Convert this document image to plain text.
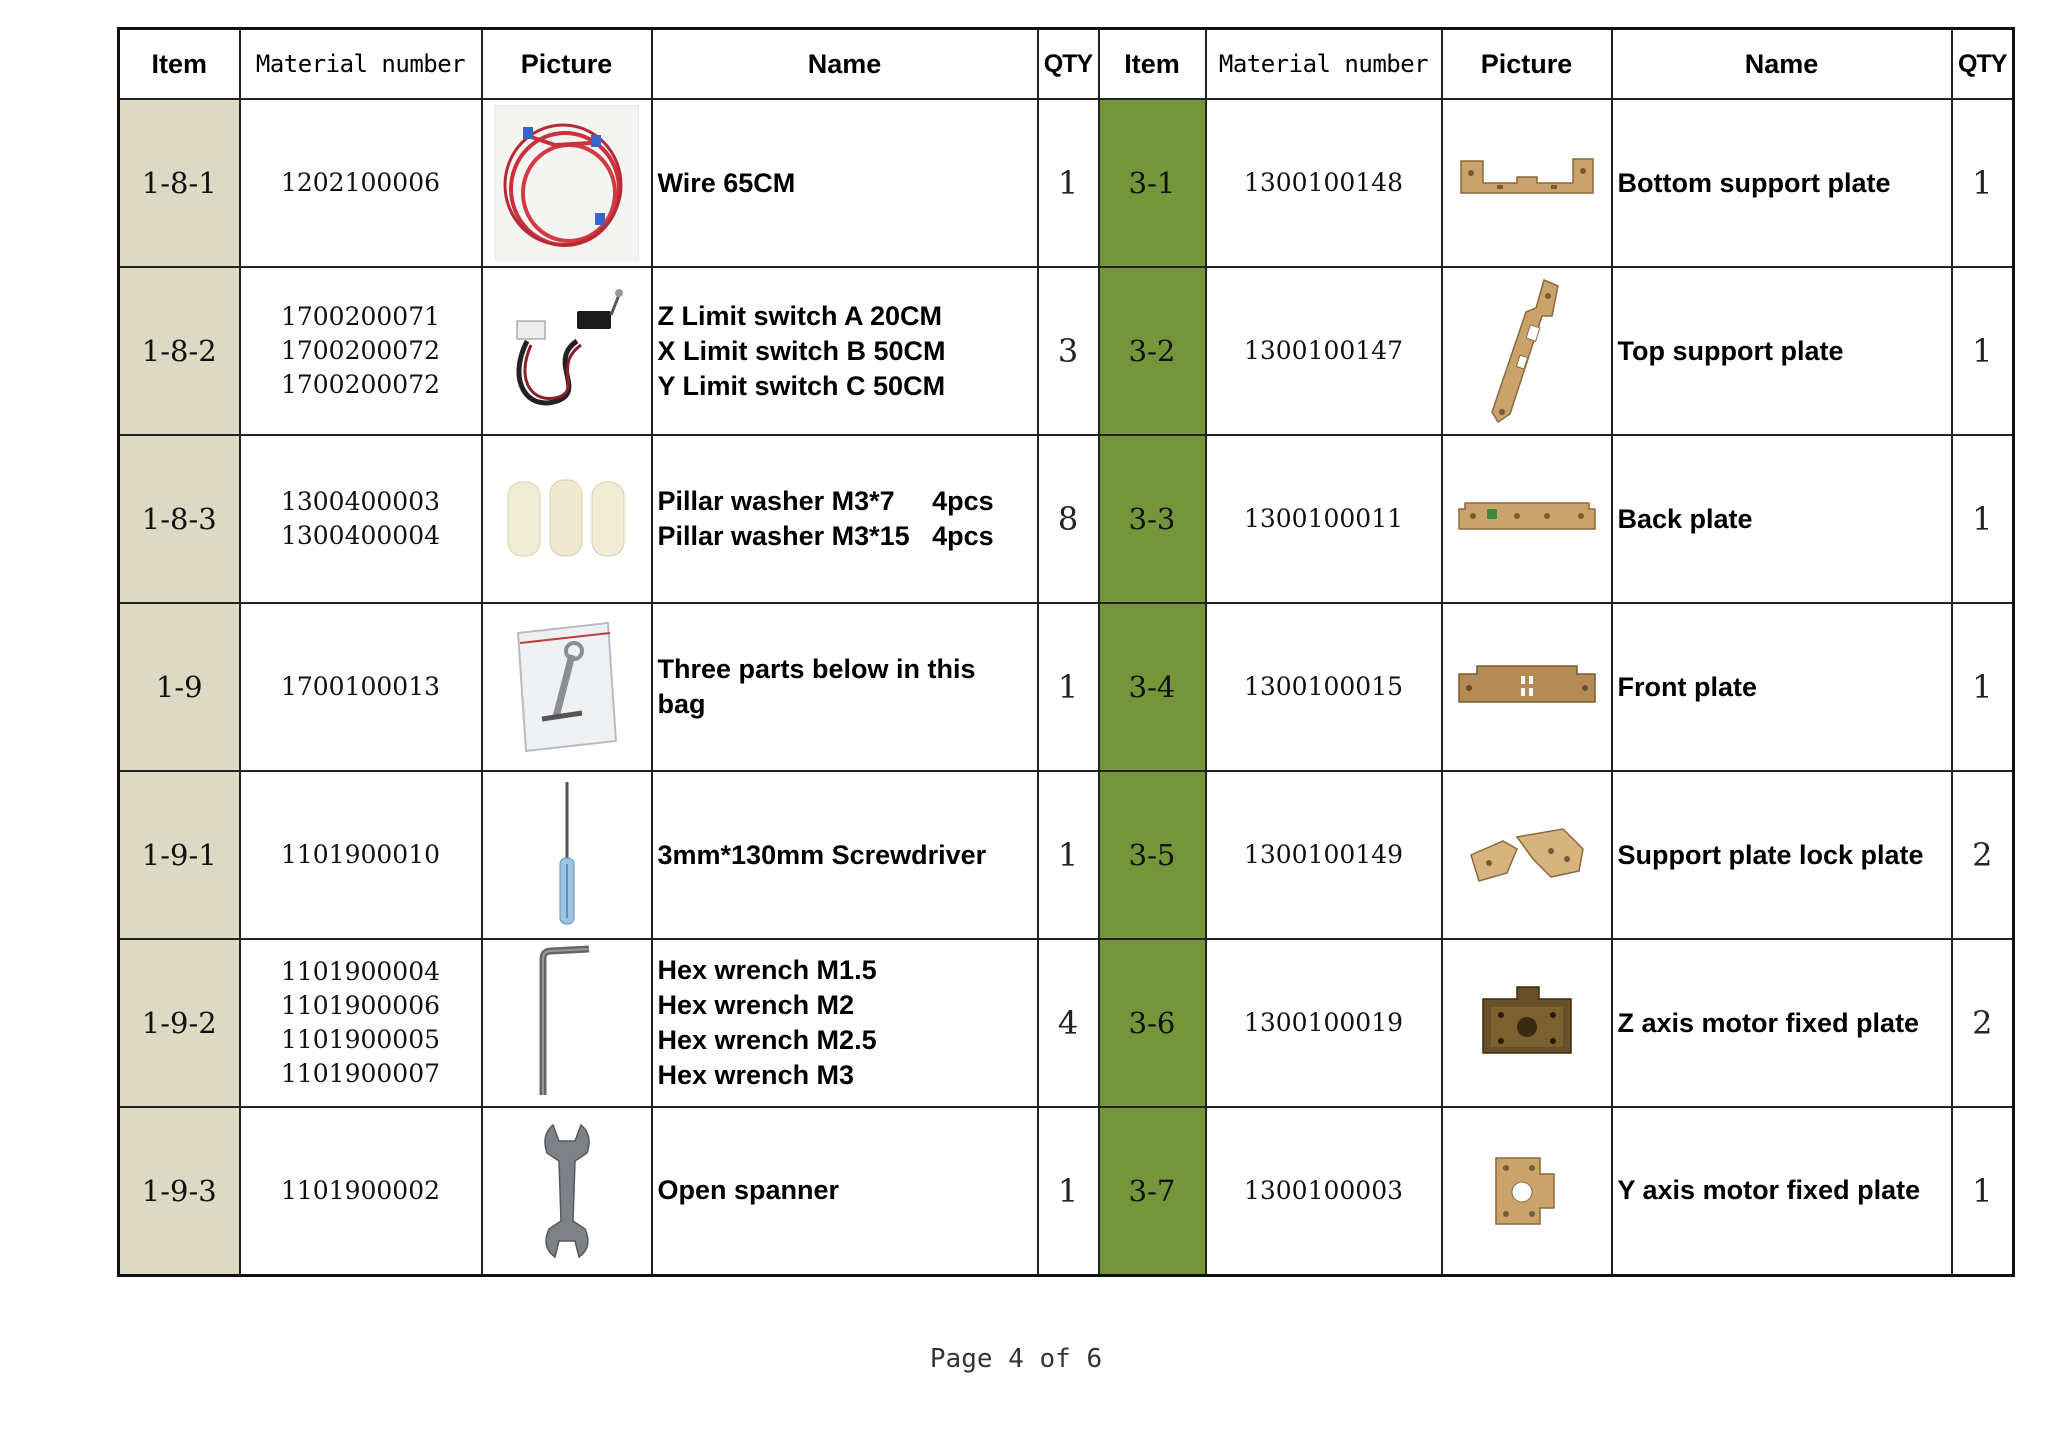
Item	Material number	Picture	Name	QTY	Item	Material number	Picture	Name	QTY
1-8-1	1202100006		Wire 65CM	1	3-1	1300100148		Bottom support plate	1
1-8-2	1700200071
1700200072
1700200072		Z Limit switch A 20CM
X Limit switch B 50CM
Y Limit switch C 50CM	3	3-2	1300100147		Top support plate	1
1-8-3	1300400003
1300400004		Pillar washer M3*7     4pcs
Pillar washer M3*15   4pcs	8	3-3	1300100011		Back plate	1
1-9	1700100013		Three parts below in this bag	1	3-4	1300100015		Front plate	1
1-9-1	1101900010		3mm*130mm Screwdriver	1	3-5	1300100149		Support plate lock plate	2
1-9-2	1101900004
1101900006
1101900005
1101900007		Hex wrench M1.5
Hex wrench M2
Hex wrench M2.5
Hex wrench M3	4	3-6	1300100019		Z axis motor fixed plate	2
1-9-3	1101900002		Open spanner	1	3-7	1300100003		Y axis motor fixed plate	1
Page 4 of 6
